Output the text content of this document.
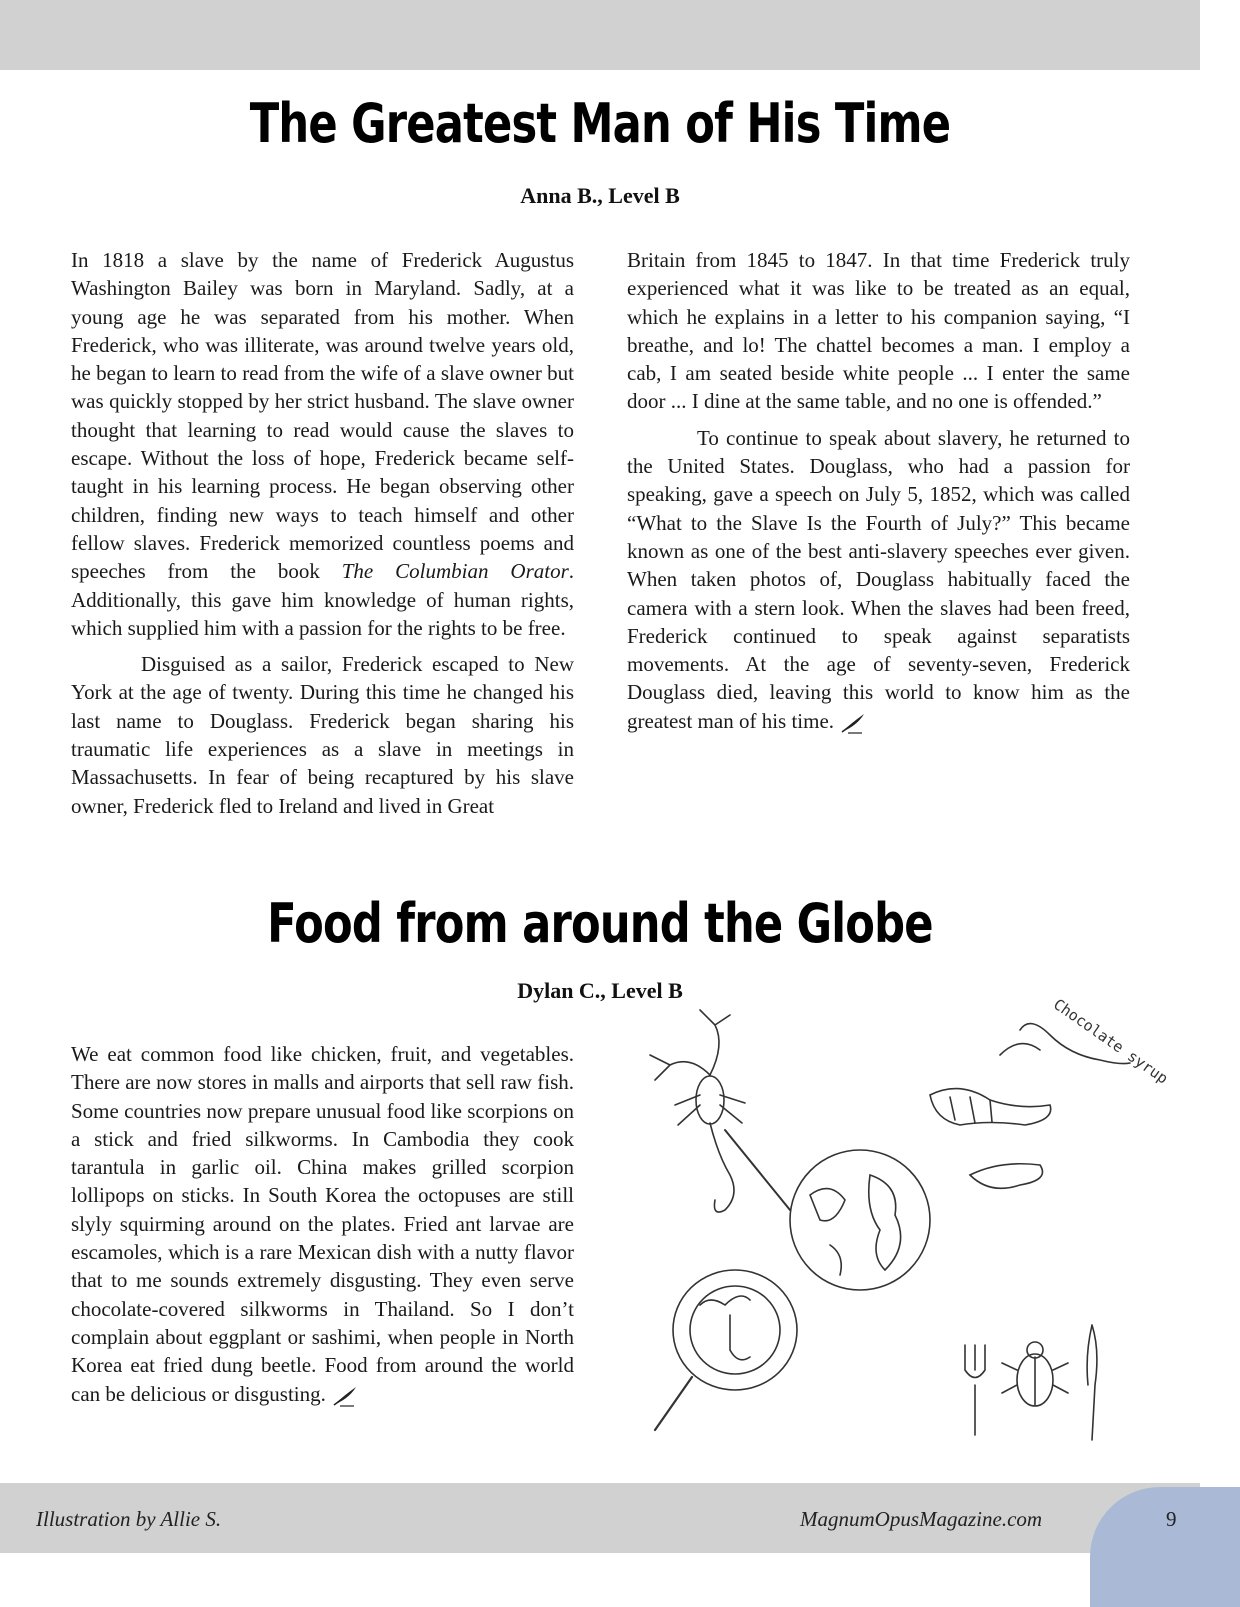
The Greatest Man of His Time
Anna B., Level B

In 1818 a slave by the name of Frederick Augustus Washington Bailey was born in Maryland. Sadly, at a young age he was separated from his mother. When Frederick, who was illiterate, was around twelve years old, he began to learn to read from the wife of a slave owner but was quickly stopped by her strict husband. The slave owner thought that learning to read would cause the slaves to escape. Without the loss of hope, Frederick became self-taught in his learning process. He began observing other children, finding new ways to teach himself and other fellow slaves. Frederick memorized countless poems and speeches from the book The Columbian Orator. Additionally, this gave him knowledge of human rights, which supplied him with a passion for the rights to be free.

Disguised as a sailor, Frederick escaped to New York at the age of twenty. During this time he changed his last name to Douglass. Frederick began sharing his traumatic life experiences as a slave in meetings in Massachusetts. In fear of being recaptured by his slave owner, Frederick fled to Ireland and lived in Great

Britain from 1845 to 1847. In that time Frederick truly experienced what it was like to be treated as an equal, which he explains in a letter to his companion saying, “I breathe, and lo! The chattel becomes a man. I employ a cab, I am seated beside white people ... I enter the same door ... I dine at the same table, and no one is offended.”

To continue to speak about slavery, he returned to the United States. Douglass, who had a passion for speaking, gave a speech on July 5, 1852, which was called “What to the Slave Is the Fourth of July?” This became known as one of the best anti-slavery speeches ever given. When taken photos of, Douglass habitually faced the camera with a stern look. When the slaves had been freed, Frederick continued to speak against separatists movements. At the age of seventy-seven, Frederick Douglass died, leaving this world to know him as the greatest man of his time.

Food from around the Globe
Dylan C., Level B

We eat common food like chicken, fruit, and vegetables. There are now stores in malls and airports that sell raw fish. Some countries now prepare unusual food like scorpions on a stick and fried silkworms. In Cambodia they cook tarantula in garlic oil. China makes grilled scorpion lollipops on sticks. In South Korea the octopuses are still slyly squirming around on the plates. Fried ant larvae are escamoles, which is a rare Mexican dish with a nutty flavor that to me sounds extremely disgusting. They even serve chocolate-covered silkworms in Thailand. So I don’t complain about eggplant or sashimi, when people in North Korea eat fried dung beetle. Food from around the world can be delicious or disgusting.

Chocolate syrup
Illustration by Allie S.	MagnumOpusMagazine.com	9
